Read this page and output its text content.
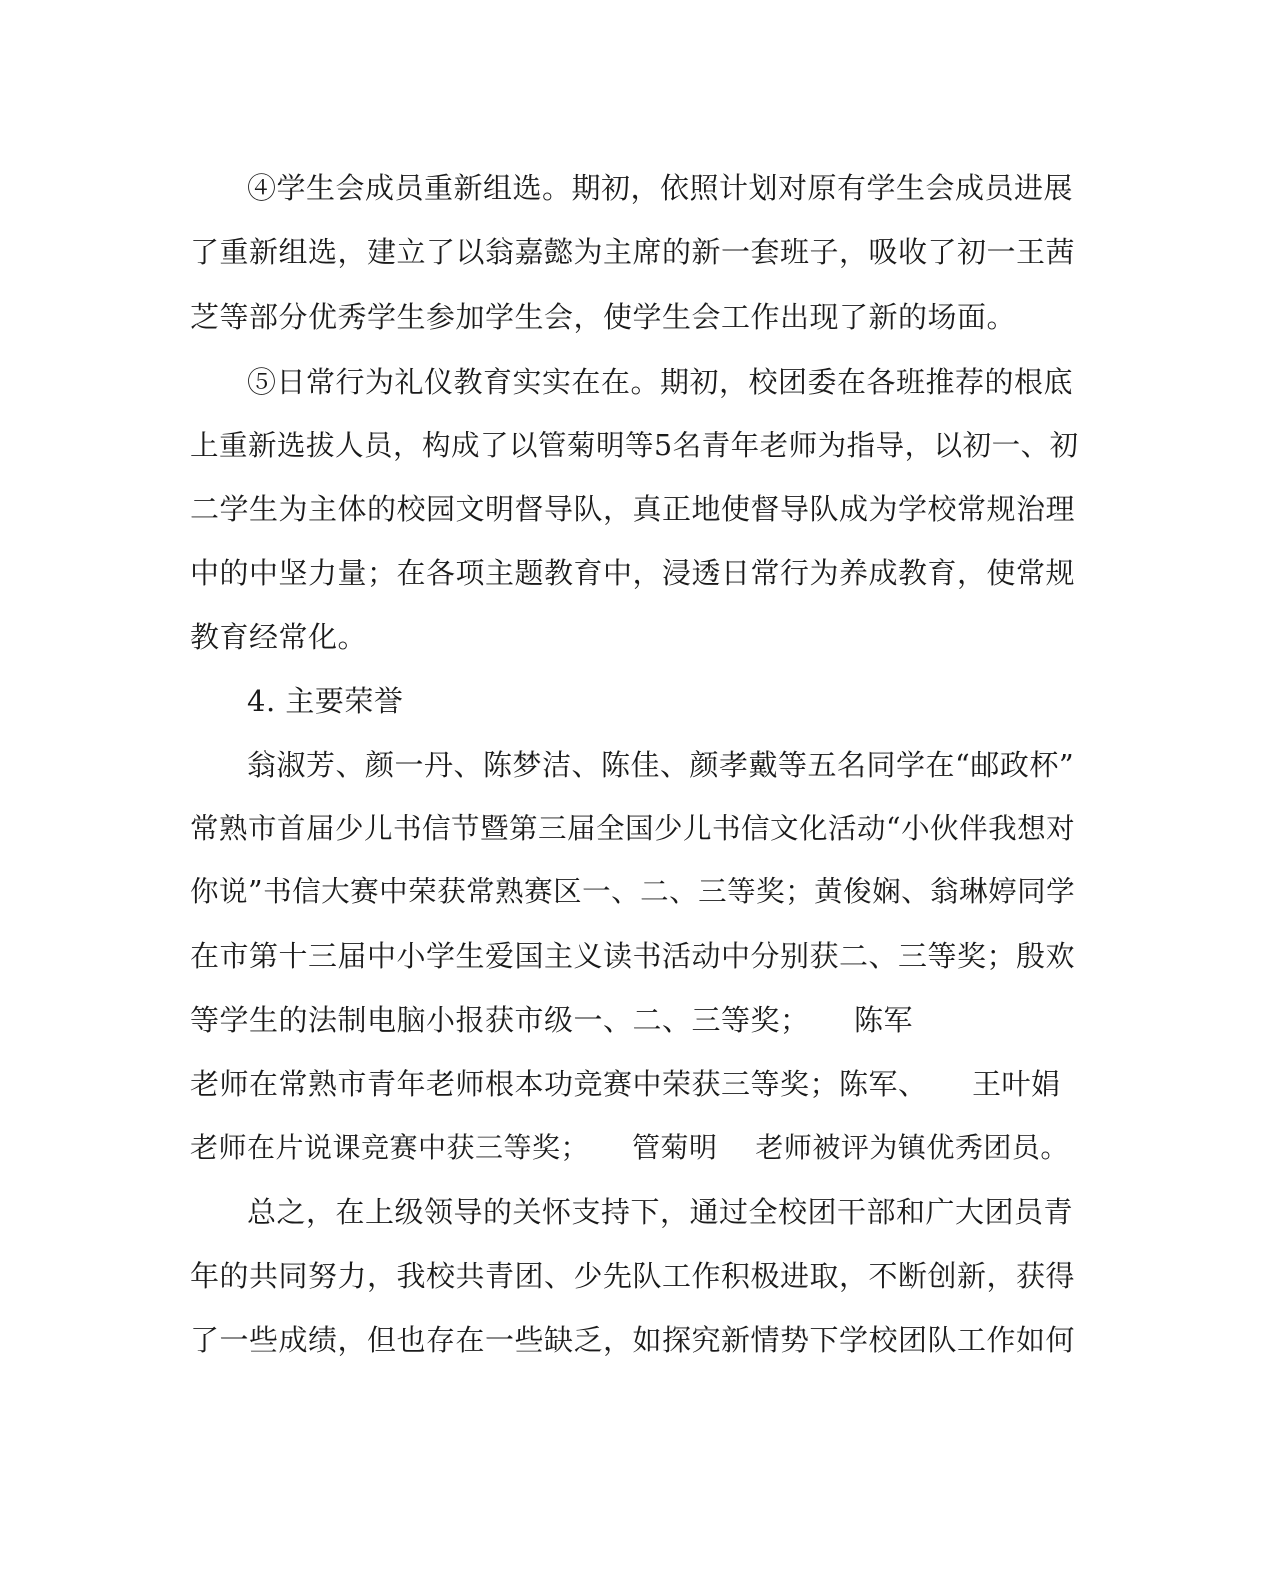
④学生会成员重新组选。期初，依照计划对原有学生会成员进展

了重新组选，建立了以翁嘉懿为主席的新一套班子，吸收了初一王茜

芝等部分优秀学生参加学生会，使学生会工作出现了新的场面。

⑤日常行为礼仪教育实实在在。期初，校团委在各班推荐的根底

上重新选拔人员，构成了以管菊明等5名青年老师为指导，以初一、初

二学生为主体的校园文明督导队，真正地使督导队成为学校常规治理

中的中坚力量；在各项主题教育中，浸透日常行为养成教育，使常规

教育经常化。

4. 主要荣誉

翁淑芳、颜一丹、陈梦洁、陈佳、颜孝戴等五名同学在“邮政杯”

常熟市首届少儿书信节暨第三届全国少儿书信文化活动“小伙伴我想对

你说”书信大赛中荣获常熟赛区一、二、三等奖；黄俊娴、翁琳婷同学

在市第十三届中小学生爱国主义读书活动中分别获二、三等奖；殷欢

等学生的法制电脑小报获市级一、二、三等奖；　　陈军

老师在常熟市青年老师根本功竞赛中荣获三等奖；陈军、　　王叶娟

老师在片说课竞赛中获三等奖；　　管菊明　 老师被评为镇优秀团员。

总之，在上级领导的关怀支持下，通过全校团干部和广大团员青

年的共同努力，我校共青团、少先队工作积极进取，不断创新，获得

了一些成绩，但也存在一些缺乏，如探究新情势下学校团队工作如何
